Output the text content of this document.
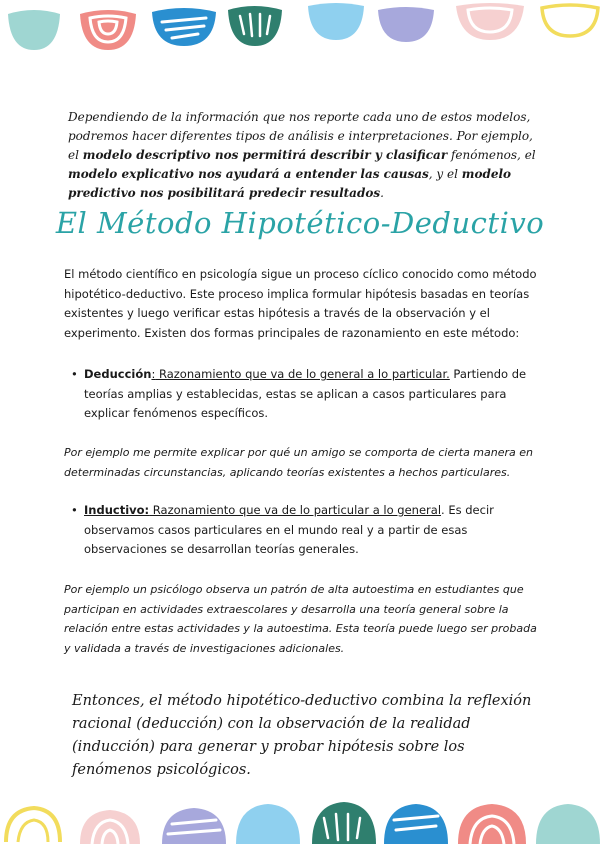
Dependiendo de la información que nos reporte cada uno de estos modelos, podremos hacer diferentes tipos de análisis e interpretaciones. Por ejemplo, el modelo descriptivo nos permitirá describir y clasificar fenómenos, el modelo explicativo nos ayudará a entender las causas, y el modelo predictivo nos posibilitará predecir resultados.
El Método Hipotético-Deductivo
El método científico en psicología sigue un proceso cíclico conocido como método hipotético-deductivo. Este proceso implica formular hipótesis basadas en teorías existentes y luego verificar estas hipótesis a través de la observación y el experimento. Existen dos formas principales de razonamiento en este método:
• Deducción: Razonamiento que va de lo general a lo particular. Partiendo de teorías amplias y establecidas, estas se aplican a casos particulares para explicar fenómenos específicos.
Por ejemplo me permite explicar por qué un amigo se comporta de cierta manera en determinadas circunstancias, aplicando teorías existentes a hechos particulares.
• Inductivo: Razonamiento que va de lo particular a lo general. Es decir observamos casos particulares en el mundo real y a partir de esas observaciones se desarrollan teorías generales.
Por ejemplo un psicólogo observa un patrón de alta autoestima en estudiantes que participan en actividades extraescolares y desarrolla una teoría general sobre la relación entre estas actividades y la autoestima. Esta teoría puede luego ser probada y validada a través de investigaciones adicionales.
Entonces, el método hipotético-deductivo combina la reflexión racional (deducción) con la observación de la realidad (inducción) para generar y probar hipótesis sobre los fenómenos psicológicos.
